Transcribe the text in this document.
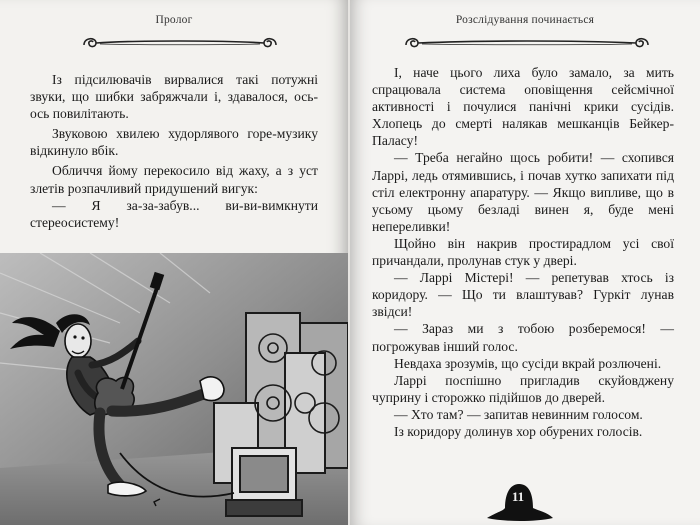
Пролог

Із підсилювачів вирвалися такі потужні звуки, що шибки забряжчали і, здавалося, ось-ось повилітають.

Звуковою хвилею худорлявого горе-музику відкинуло вбік.

Обличчя йому перекосило від жаху, а з уст злетів розпачливий придушений вигук:

— Я за-за-забув... ви-ви-вимкнути стереосистему!

Розслідування починається

І, наче цього лиха було замало, за мить спрацювала система оповіщення сейсмічної активності і почулися панічні крики сусідів. Хлопець до смерті налякав мешканців Бейкер-Паласу!

— Треба негайно щось робити! — схопився Ларрі, ледь отямившись, і почав хутко запихати під стіл електронну апаратуру. — Якщо випливе, що в усьому цьому безладі винен я, буде мені непереливки!

Щойно він накрив простирадлом усі свої причандали, пролунав стук у двері.

— Ларрі Містері! — репетував хтось із коридору. — Що ти влаштував? Гуркіт лунав звідси!

— Зараз ми з тобою розберемося! — погрожував інший голос.

Невдаха зрозумів, що сусіди вкрай розлючені.

Ларрі поспішно пригладив скуйовджену чуприну і сторожко підійшов до дверей.

— Хто там? — запитав невинним голосом.

Із коридору долинув хор обурених голосів.

11
